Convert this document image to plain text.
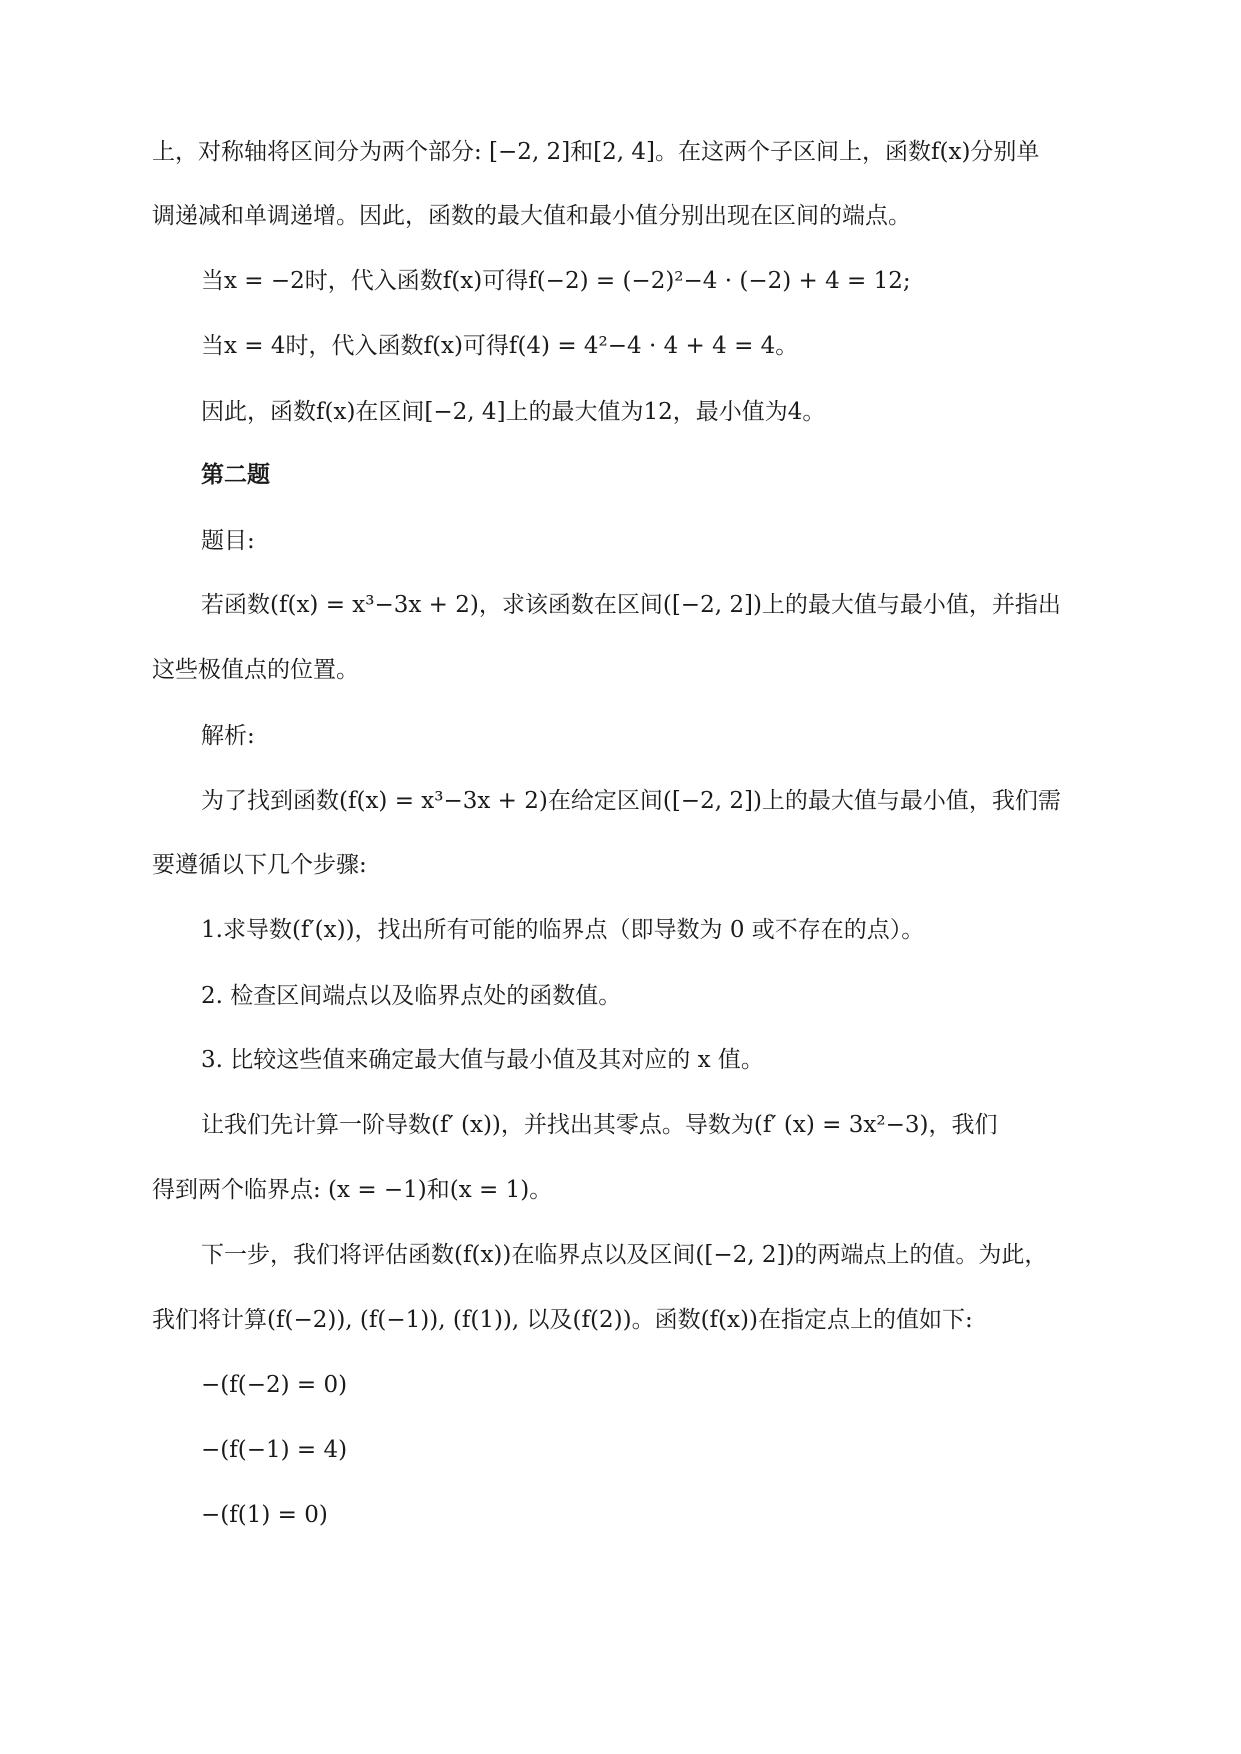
上，对称轴将区间分为两个部分: [−2, 2]和[2, 4]。在这两个子区间上，函数f(x)分别单
调递减和单调递增。因此，函数的最大值和最小值分别出现在区间的端点。
当x = −2时，代入函数f(x)可得f(−2) = (−2)²−4 · (−2) + 4 = 12;
当x = 4时，代入函数f(x)可得f(4) = 4²−4 · 4 + 4 = 4。
因此，函数f(x)在区间[−2, 4]上的最大值为12，最小值为4。
第二题
题目:
若函数(f(x) = x³−3x + 2)，求该函数在区间([−2, 2])上的最大值与最小值，并指出
这些极值点的位置。
解析:
为了找到函数(f(x) = x³−3x + 2)在给定区间([−2, 2])上的最大值与最小值，我们需
要遵循以下几个步骤:
1.求导数(f′(x))，找出所有可能的临界点（即导数为 0 或不存在的点）。
2. 检查区间端点以及临界点处的函数值。
3. 比较这些值来确定最大值与最小值及其对应的 x 值。
让我们先计算一阶导数(f′ (x))，并找出其零点。导数为(f′ (x) = 3x²−3)，我们
得到两个临界点: (x = −1)和(x = 1)。
下一步，我们将评估函数(f(x))在临界点以及区间([−2, 2])的两端点上的值。为此，
我们将计算(f(−2)), (f(−1)), (f(1)), 以及(f(2))。函数(f(x))在指定点上的值如下:
−(f(−2) = 0)
−(f(−1) = 4)
−(f(1) = 0)
